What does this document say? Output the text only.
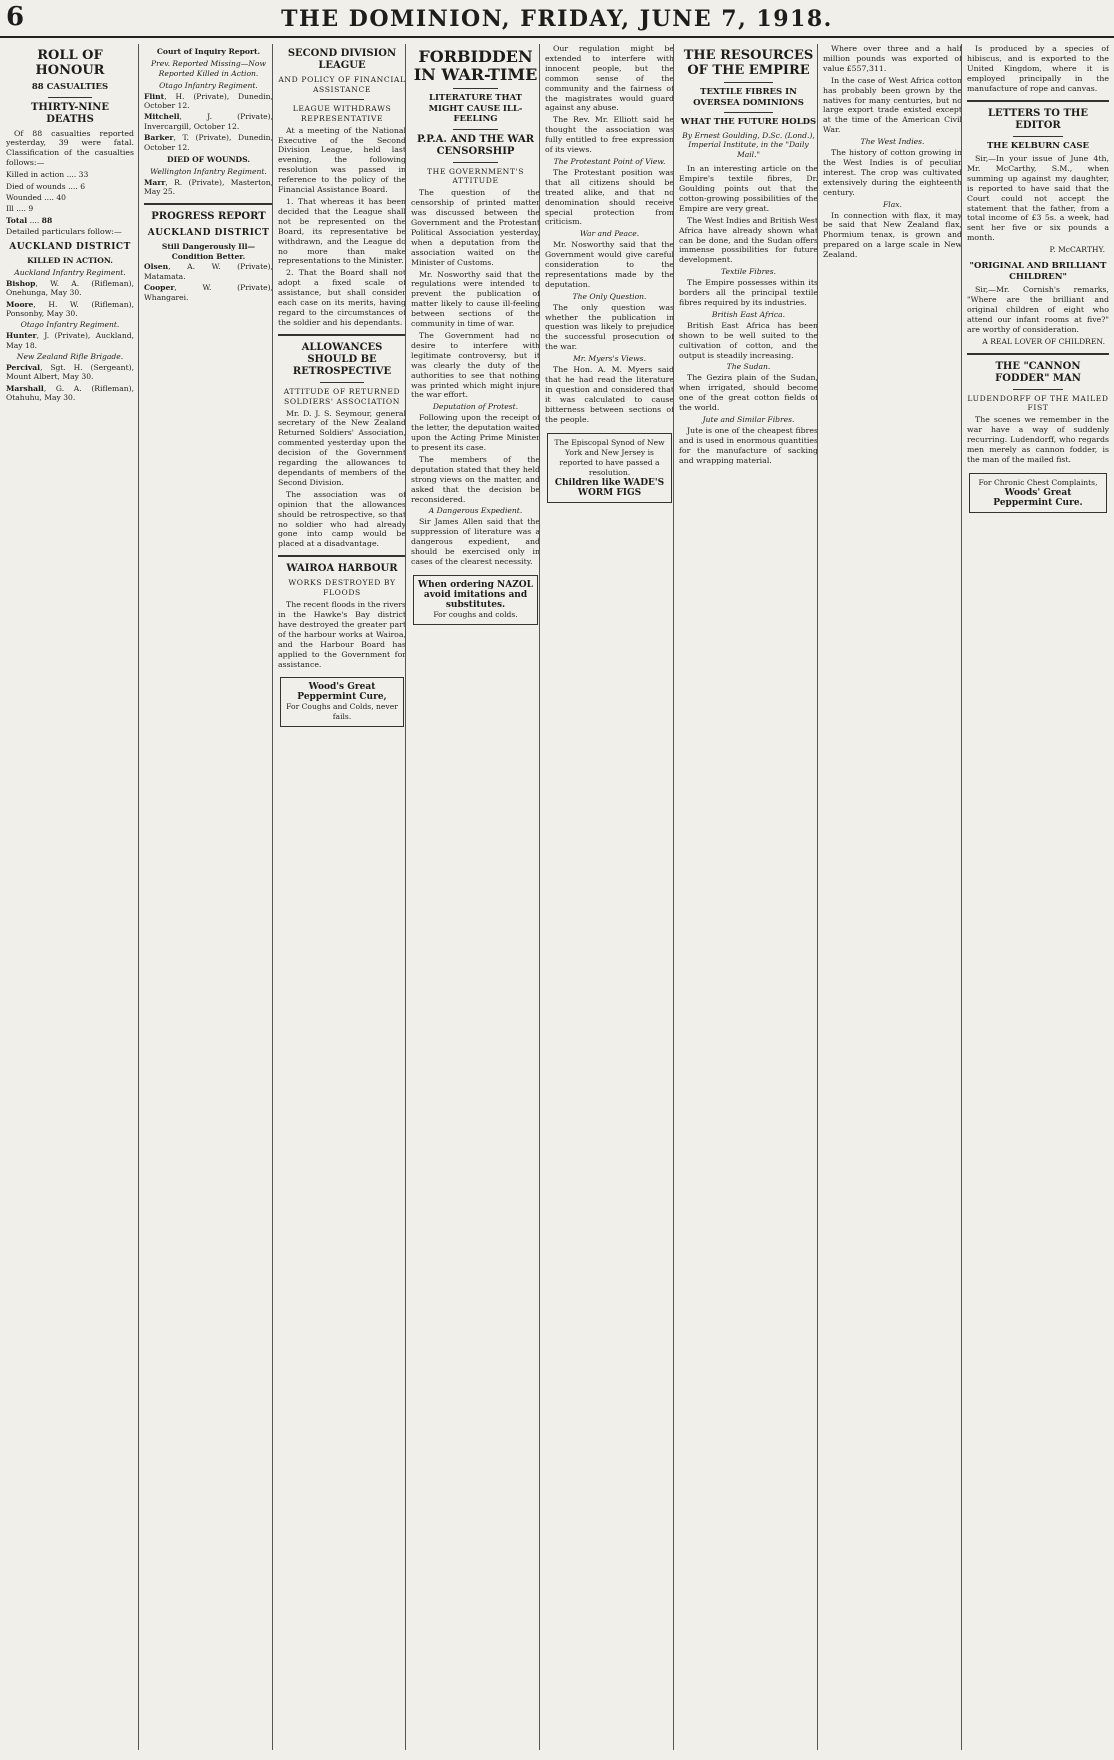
6	THE DOMINION, FRIDAY, JUNE 7, 1918.
ROLL OF HONOUR
88 CASUALTIES
THIRTY-NINE DEATHS

Of 88 casualties reported yesterday, 39 were fatal. Classification of the casualties follows:—

Killed in action .... 33
Died of wounds .... 6
Wounded .... 40
Ill .... 9
Total .... 88

Detailed particulars follow:—

AUCKLAND DISTRICT
KILLED IN ACTION.
Auckland Infantry Regiment.
Bishop, W. A. (Rifleman), Onehunga, May 30.
Moore, H. W. (Rifleman), Ponsonby, May 30.
Otago Infantry Regiment.
Hunter, J. (Private), Auckland, May 18.
New Zealand Rifle Brigade.
Percival, Sgt. H. (Sergeant), Mount Albert, May 30.
Marshall, G. A. (Rifleman), Otahuhu, May 30.
Court of Inquiry Report.
Prev. Reported Missing—Now Reported Killed in Action.
Otago Infantry Regiment.
Flint, H. (Private), Dunedin, October 12.
Mitchell, J. (Private), Invercargill, October 12.
Barker, T. (Private), Dunedin, October 12.
DIED OF WOUNDS.
Wellington Infantry Regiment.
Marr, R. (Private), Masterton, May 25.
PROGRESS REPORT
AUCKLAND DISTRICT
Still Dangerously Ill—Condition Better.
Olsen, A. W. (Private), Matamata.
Cooper, W. (Private), Whangarei.
SECOND DIVISION LEAGUE
AND POLICY OF FINANCIAL ASSISTANCE
LEAGUE WITHDRAWS REPRESENTATIVE

At a meeting of the National Executive of the Second Division League, held last evening, the following resolution was passed in reference to the policy of the Financial Assistance Board.

1. That whereas it has been decided that the League shall not be represented on the Board, its representative be withdrawn, and the League do no more than make representations to the Minister.

2. That the Board shall not adopt a fixed scale of assistance, but shall consider each case on its merits, having regard to the circumstances of the soldier and his dependants.

ALLOWANCES SHOULD BE RETROSPECTIVE
ATTITUDE OF RETURNED SOLDIERS' ASSOCIATION

Mr. D. J. S. Seymour, general secretary of the New Zealand Returned Soldiers' Association, commented yesterday upon the decision of the Government regarding the allowances to dependants of members of the Second Division.

The association was of opinion that the allowances should be retrospective, so that no soldier who had already gone into camp would be placed at a disadvantage.

WAIROA HARBOUR
WORKS DESTROYED BY FLOODS

The recent floods in the rivers in the Hawke's Bay district have destroyed the greater part of the harbour works at Wairoa, and the Harbour Board has applied to the Government for assistance.

Wood's Great Peppermint Cure,
For Coughs and Colds, never fails.
FORBIDDEN IN WAR-TIME
LITERATURE THAT MIGHT CAUSE ILL-FEELING
P.P.A. AND THE WAR CENSORSHIP
THE GOVERNMENT'S ATTITUDE

The question of the censorship of printed matter was discussed between the Government and the Protestant Political Association yesterday, when a deputation from the association waited on the Minister of Customs.

Mr. Nosworthy said that the regulations were intended to prevent the publication of matter likely to cause ill-feeling between sections of the community in time of war.

The Government had no desire to interfere with legitimate controversy, but it was clearly the duty of the authorities to see that nothing was printed which might injure the war effort.

Deputation of Protest.

Following upon the receipt of the letter, the deputation waited upon the Acting Prime Minister to present its case.

The members of the deputation stated that they held strong views on the matter, and asked that the decision be reconsidered.

A Dangerous Expedient.

Sir James Allen said that the suppression of literature was a dangerous expedient, and should be exercised only in cases of the clearest necessity.

When ordering NAZOL avoid imitations and substitutes.
For coughs and colds.

Our regulation might be extended to interfere with innocent people, but the common sense of the community and the fairness of the magistrates would guard against any abuse.

The Rev. Mr. Elliott said he thought the association was fully entitled to free expression of its views.

The Protestant Point of View.

The Protestant position was that all citizens should be treated alike, and that no denomination should receive special protection from criticism.

War and Peace.

Mr. Nosworthy said that the Government would give careful consideration to the representations made by the deputation.

The Only Question.

The only question was whether the publication in question was likely to prejudice the successful prosecution of the war.

Mr. Myers's Views.

The Hon. A. M. Myers said that he had read the literature in question and considered that it was calculated to cause bitterness between sections of the people.

The Episcopal Synod of New York and New Jersey is reported to have passed a resolution.
Children like WADE'S WORM FIGS
THE RESOURCES OF THE EMPIRE
TEXTILE FIBRES IN OVERSEA DOMINIONS
WHAT THE FUTURE HOLDS
By Ernest Goulding, D.Sc. (Lond.), Imperial Institute, in the "Daily Mail."

In an interesting article on the Empire's textile fibres, Dr. Goulding points out that the cotton-growing possibilities of the Empire are very great.

The West Indies and British West Africa have already shown what can be done, and the Sudan offers immense possibilities for future development.

Textile Fibres.

The Empire possesses within its borders all the principal textile fibres required by its industries.

British East Africa.

British East Africa has been shown to be well suited to the cultivation of cotton, and the output is steadily increasing.

The Sudan.

The Gezira plain of the Sudan, when irrigated, should become one of the great cotton fields of the world.

Jute and Similar Fibres.

Jute is one of the cheapest fibres and is used in enormous quantities for the manufacture of sacking and wrapping material.

Where over three and a half million pounds was exported of value £557,311.

In the case of West Africa cotton has probably been grown by the natives for many centuries, but no large export trade existed except at the time of the American Civil War.

The West Indies.

The history of cotton growing in the West Indies is of peculiar interest. The crop was cultivated extensively during the eighteenth century.

Flax.

In connection with flax, it may be said that New Zealand flax, Phormium tenax, is grown and prepared on a large scale in New Zealand.

Is produced by a species of hibiscus, and is exported to the United Kingdom, where it is employed principally in the manufacture of rope and canvas.

LETTERS TO THE EDITOR
THE KELBURN CASE

Sir,—In your issue of June 4th, Mr. McCarthy, S.M., when summing up against my daughter, is reported to have said that the Court could not accept the statement that the father, from a total income of £3 5s. a week, had sent her five or six pounds a month.

P. McCARTHY.
"ORIGINAL AND BRILLIANT CHILDREN"

Sir,—Mr. Cornish's remarks, "Where are the brilliant and original children of eight who attend our infant rooms at five?" are worthy of consideration.

A REAL LOVER OF CHILDREN.
THE "CANNON FODDER" MAN
LUDENDORFF OF THE MAILED FIST

The scenes we remember in the war have a way of suddenly recurring. Ludendorff, who regards men merely as cannon fodder, is the man of the mailed fist.

For Chronic Chest Complaints,
Woods' Great Peppermint Cure.
